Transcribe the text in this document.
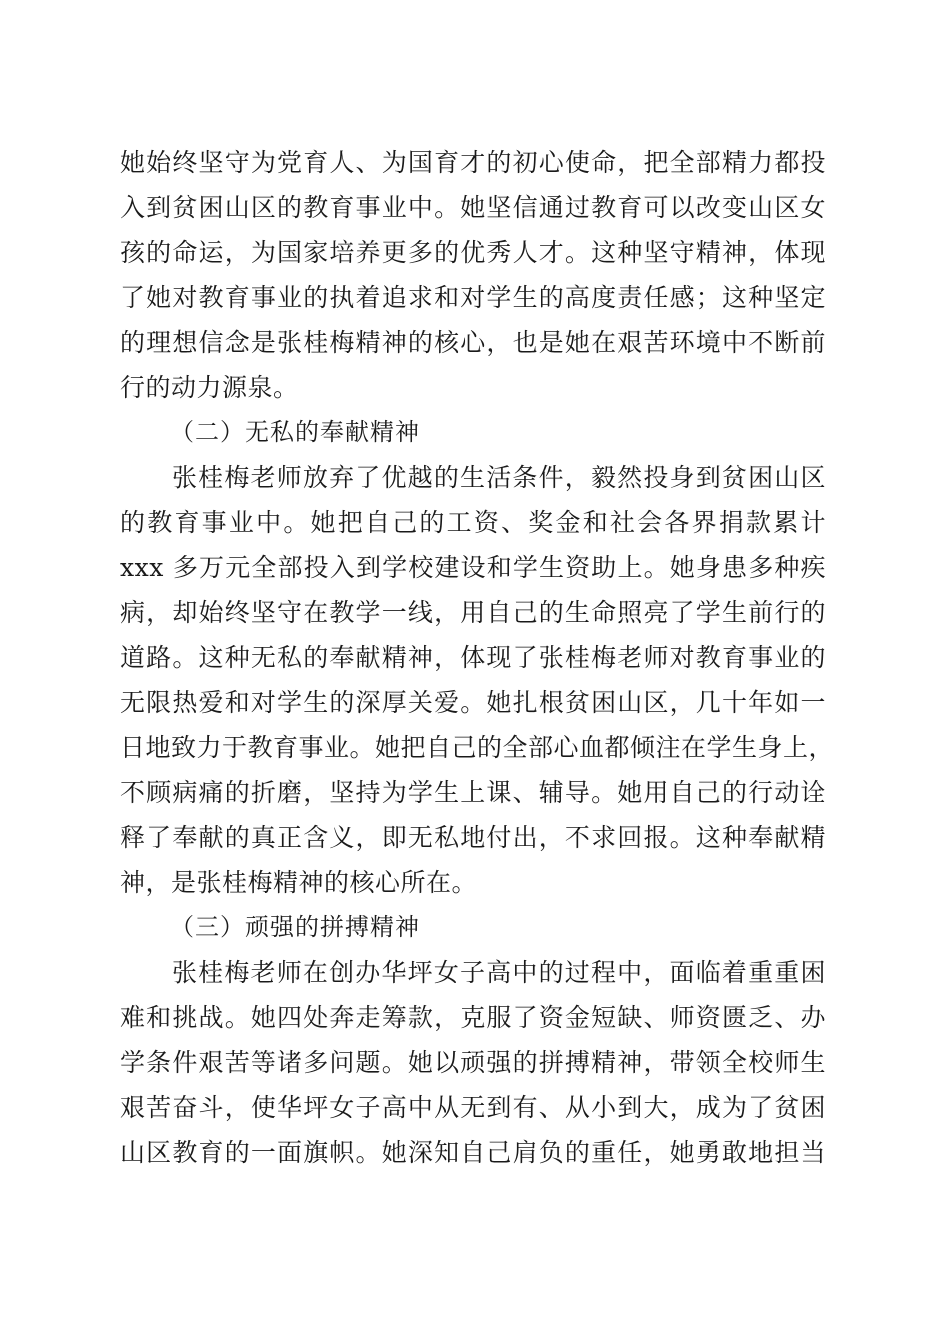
她始终坚守为党育人、为国育才的初心使命，把全部精力都投
入到贫困山区的教育事业中。她坚信通过教育可以改变山区女
孩的命运，为国家培养更多的优秀人才。这种坚守精神，体现
了她对教育事业的执着追求和对学生的高度责任感；这种坚定
的理想信念是张桂梅精神的核心，也是她在艰苦环境中不断前
行的动力源泉。
（二）无私的奉献精神
张桂梅老师放弃了优越的生活条件，毅然投身到贫困山区
的教育事业中。她把自己的工资、奖金和社会各界捐款累计
xxx 多万元全部投入到学校建设和学生资助上。她身患多种疾
病，却始终坚守在教学一线，用自己的生命照亮了学生前行的
道路。这种无私的奉献精神，体现了张桂梅老师对教育事业的
无限热爱和对学生的深厚关爱。她扎根贫困山区，几十年如一
日地致力于教育事业。她把自己的全部心血都倾注在学生身上，
不顾病痛的折磨，坚持为学生上课、辅导。她用自己的行动诠
释了奉献的真正含义，即无私地付出，不求回报。这种奉献精
神，是张桂梅精神的核心所在。
（三）顽强的拼搏精神
张桂梅老师在创办华坪女子高中的过程中，面临着重重困
难和挑战。她四处奔走筹款，克服了资金短缺、师资匮乏、办
学条件艰苦等诸多问题。她以顽强的拼搏精神，带领全校师生
艰苦奋斗，使华坪女子高中从无到有、从小到大，成为了贫困
山区教育的一面旗帜。她深知自己肩负的重任，她勇敢地担当
